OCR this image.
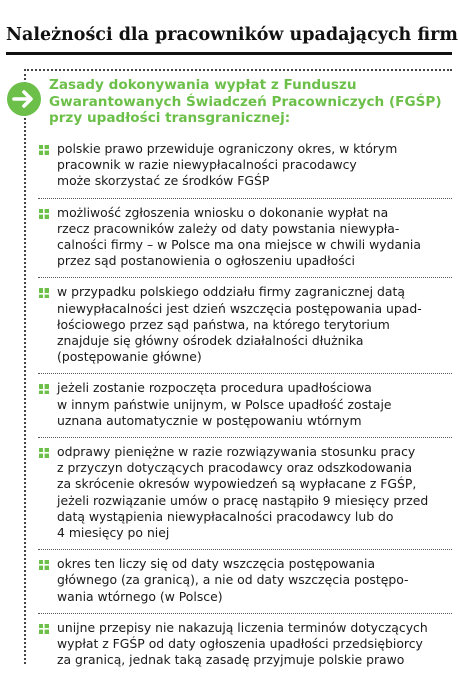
Należności dla pracowników upadających firm

Zasady dokonywania wypłat z Funduszu
Gwarantowanych Świadczeń Pracowniczych (FGŚP)
przy upadłości transgranicznej:

polskie prawo przewiduje ograniczony okres, w którym
pracownik w razie niewypłacalności pracodawcy
może skorzystać ze środków FGŚP
możliwość zgłoszenia wniosku o dokonanie wypłat na
rzecz pracowników zależy od daty powstania niewypła-
calności firmy – w Polsce ma ona miejsce w chwili wydania
przez sąd postanowienia o ogłoszeniu upadłości
w przypadku polskiego oddziału firmy zagranicznej datą
niewypłacalności jest dzień wszczęcia postępowania upad-
łościowego przez sąd państwa, na którego terytorium
znajduje się główny ośrodek działalności dłużnika
(postępowanie główne)
jeżeli zostanie rozpoczęta procedura upadłościowa
w innym państwie unijnym, w Polsce upadłość zostaje
uznana automatycznie w postępowaniu wtórnym
odprawy pieniężne w razie rozwiązywania stosunku pracy
z przyczyn dotyczących pracodawcy oraz odszkodowania
za skrócenie okresów wypowiedzeń są wypłacane z FGŚP,
jeżeli rozwiązanie umów o pracę nastąpiło 9 miesięcy przed
datą wystąpienia niewypłacalności pracodawcy lub do
4 miesięcy po niej
okres ten liczy się od daty wszczęcia postępowania
głównego (za granicą), a nie od daty wszczęcia postępo-
wania wtórnego (w Polsce)
unijne przepisy nie nakazują liczenia terminów dotyczących
wypłat z FGŚP od daty ogłoszenia upadłości przedsiębiorcy
za granicą, jednak taką zasadę przyjmuje polskie prawo
